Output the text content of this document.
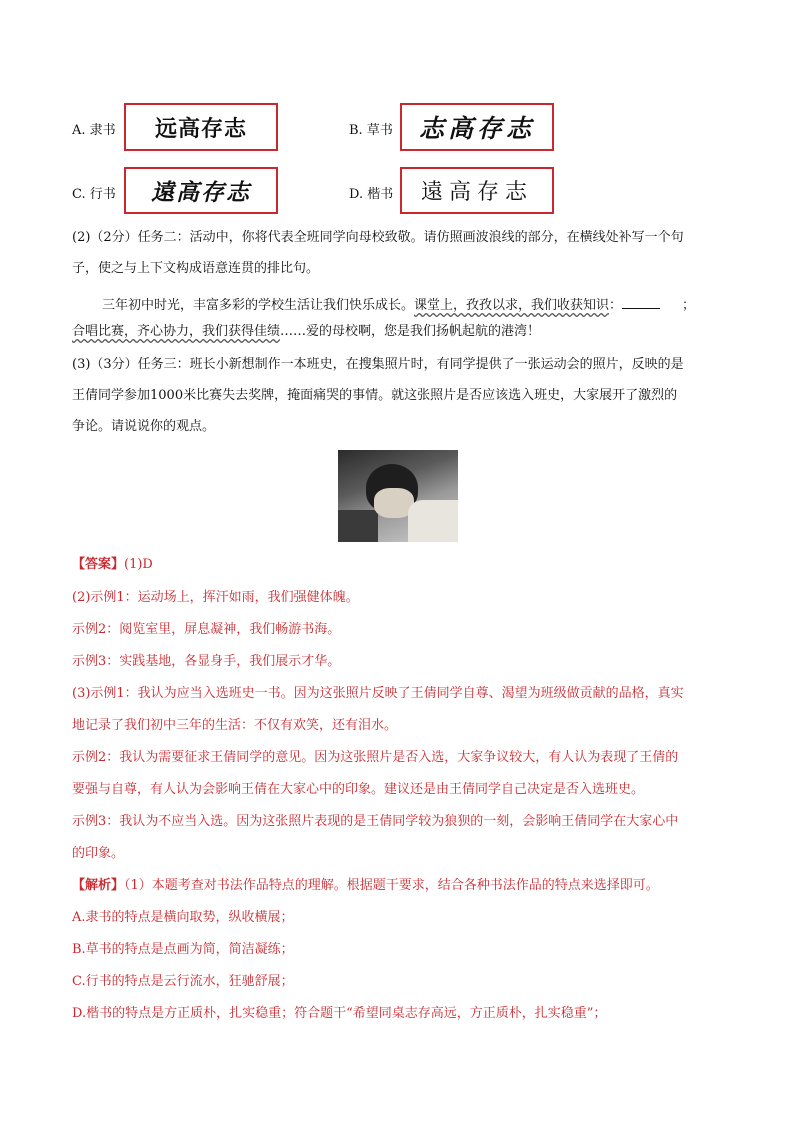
A. 隶书 远高存志	B. 草书 志高存志
C. 行书 遠高存志	D. 楷书 遠高存志
(2)（2分）任务二：活动中，你将代表全班同学向母校致敬。请仿照画波浪线的部分，在横线处补写一个句
子，使之与上下文构成语意连贯的排比句。
三年初中时光，丰富多彩的学校生活让我们快乐成长。课堂上，孜孜以求，我们收获知识：	；
合唱比赛，齐心协力，我们获得佳绩……爱的母校啊，您是我们扬帆起航的港湾！
(3)（3分）任务三：班长小新想制作一本班史，在搜集照片时，有同学提供了一张运动会的照片，反映的是
王倩同学参加1000米比赛失去奖牌，掩面痛哭的事情。就这张照片是否应该选入班史，大家展开了激烈的
争论。请说说你的观点。
【答案】(1)D
(2)示例1：运动场上，挥汗如雨，我们强健体魄。
示例2：阅览室里，屏息凝神，我们畅游书海。
示例3：实践基地，各显身手，我们展示才华。
(3)示例1：我认为应当入选班史一书。因为这张照片反映了王倩同学自尊、渴望为班级做贡献的品格，真实
地记录了我们初中三年的生活：不仅有欢笑，还有泪水。
示例2：我认为需要征求王倩同学的意见。因为这张照片是否入选，大家争议较大，有人认为表现了王倩的
要强与自尊，有人认为会影响王倩在大家心中的印象。建议还是由王倩同学自己决定是否入选班史。
示例3：我认为不应当入选。因为这张照片表现的是王倩同学较为狼狈的一刻，会影响王倩同学在大家心中
的印象。
【解析】（1）本题考查对书法作品特点的理解。根据题干要求，结合各种书法作品的特点来选择即可。
A.隶书的特点是横向取势，纵收横展；
B.草书的特点是点画为简，简洁凝练；
C.行书的特点是云行流水，狂驰舒展；
D.楷书的特点是方正质朴，扎实稳重；符合题干“希望同桌志存高远，方正质朴，扎实稳重”；
